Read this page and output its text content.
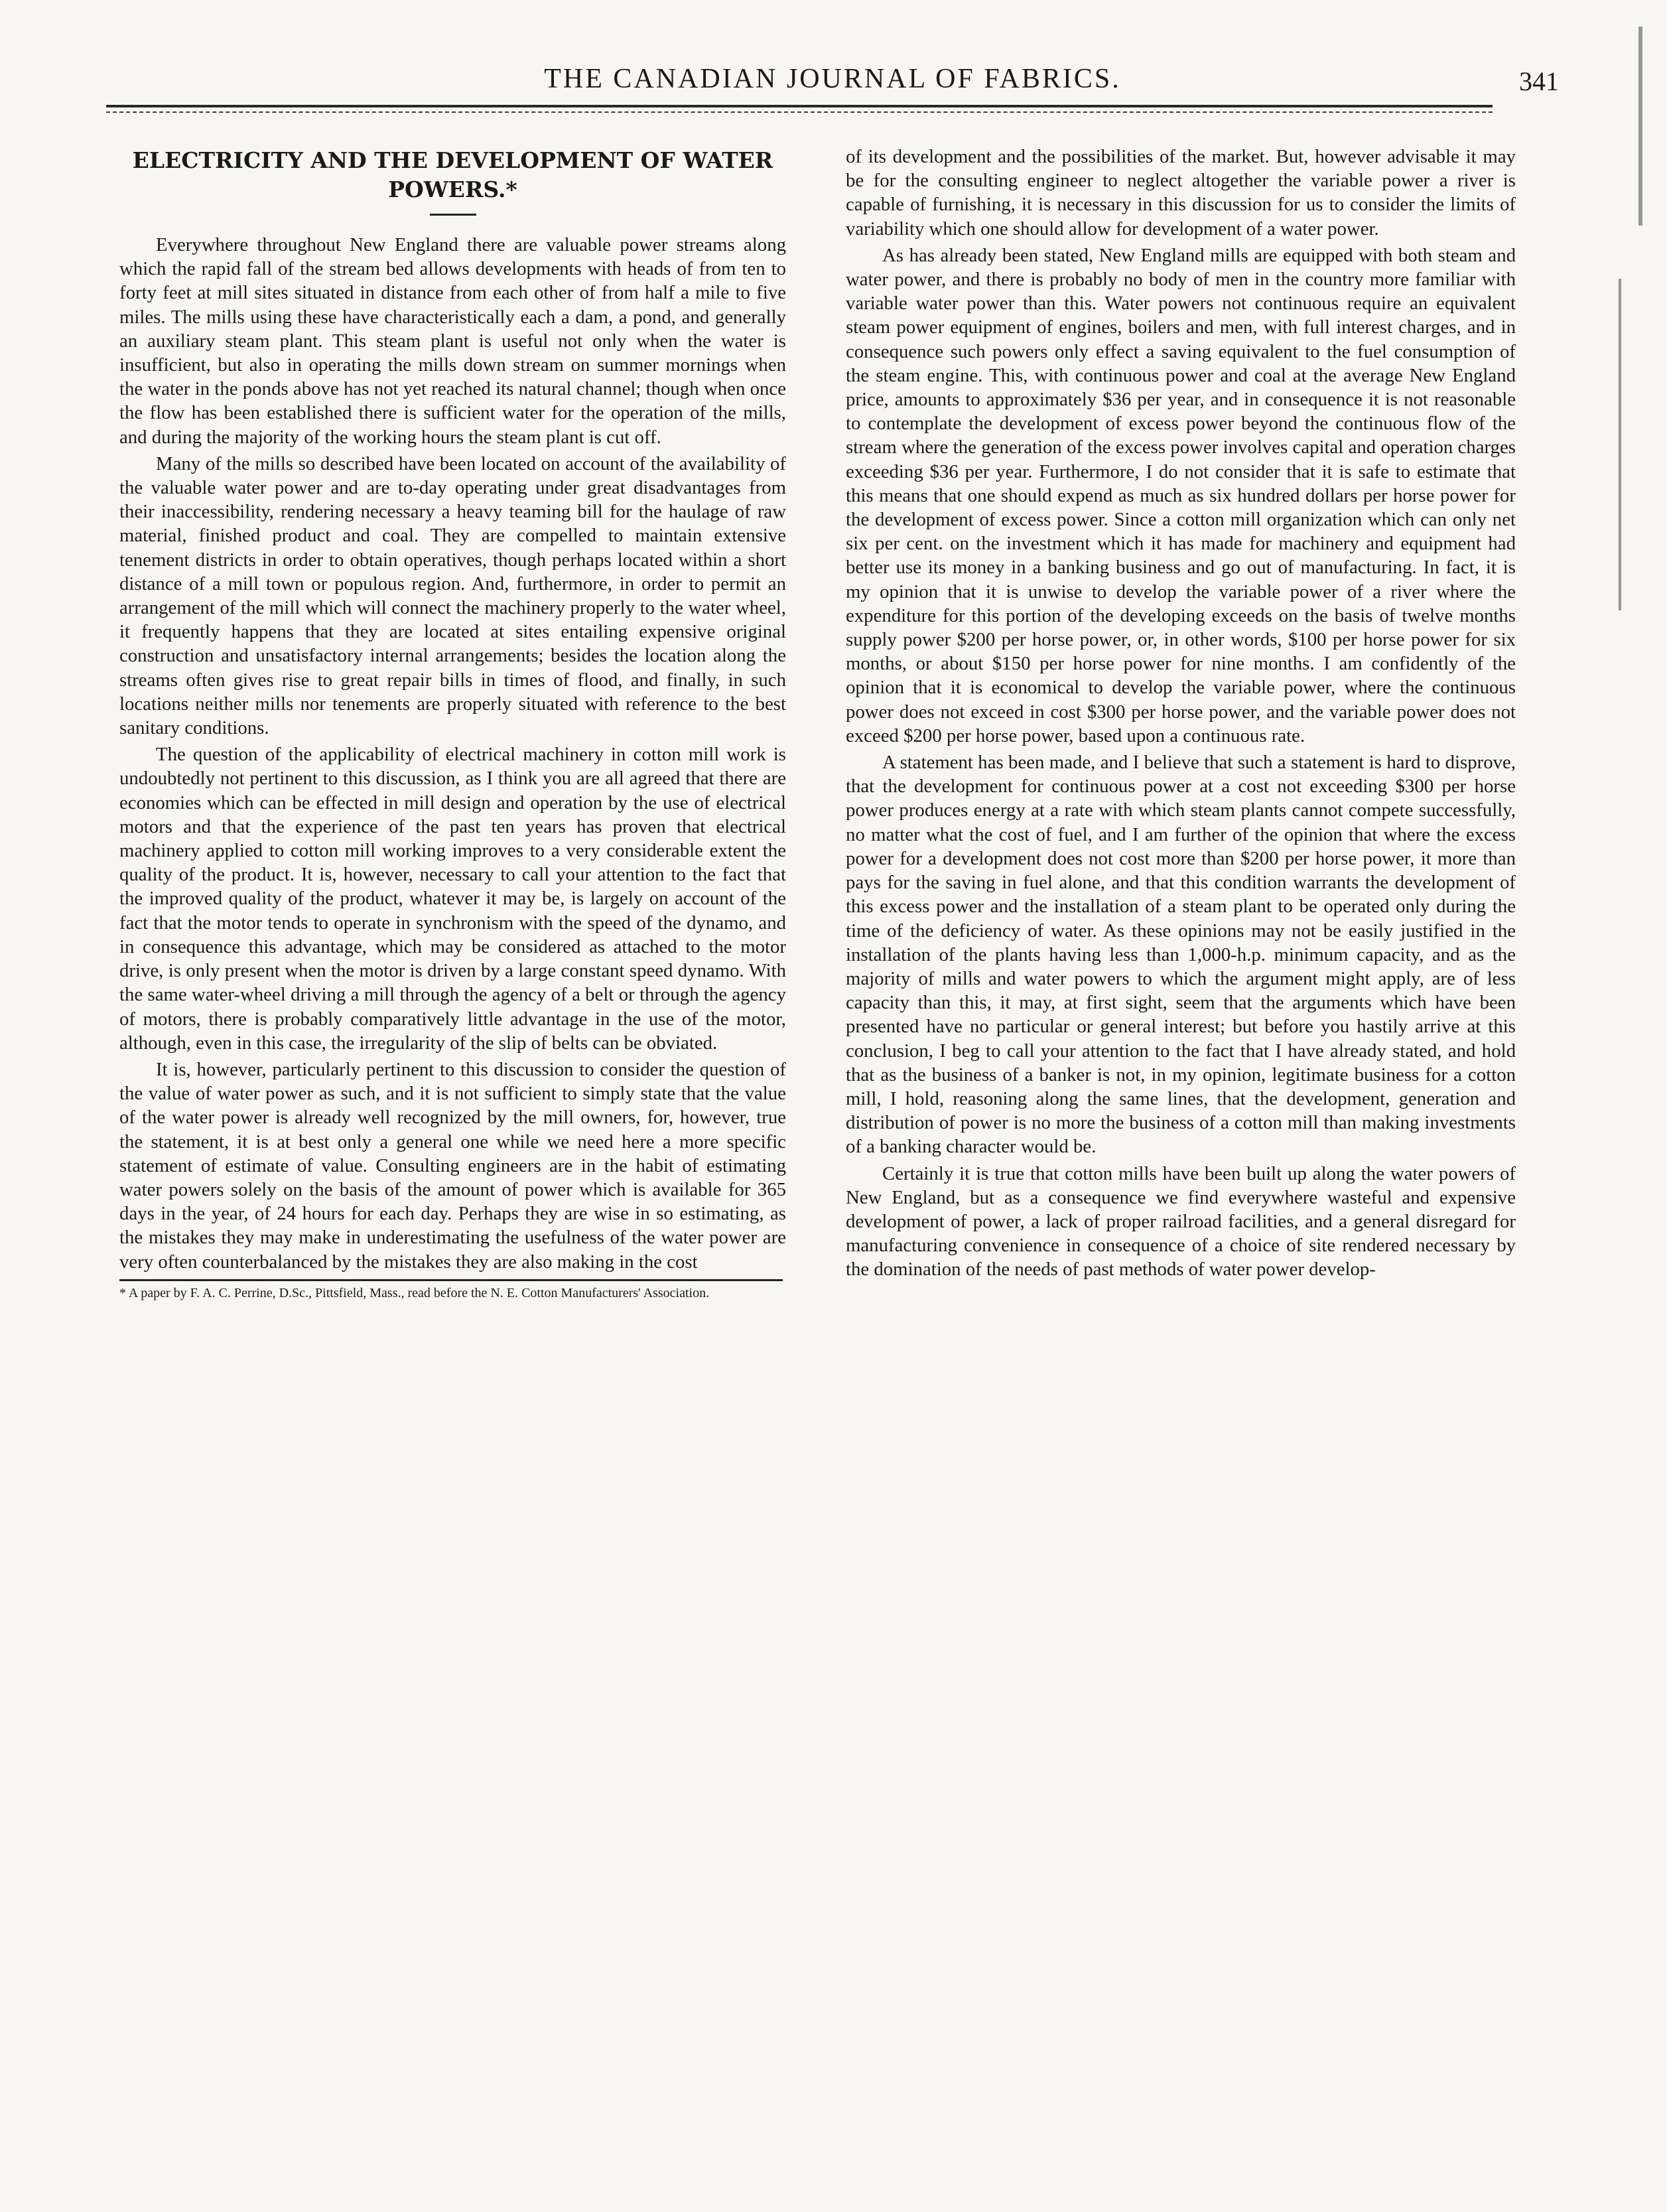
THE CANADIAN JOURNAL OF FABRICS.	341
ELECTRICITY AND THE DEVELOPMENT OF WATER POWERS.*

Everywhere throughout New England there are valuable power streams along which the rapid fall of the stream bed allows developments with heads of from ten to forty feet at mill sites situated in distance from each other of from half a mile to five miles. The mills using these have characteristically each a dam, a pond, and generally an auxiliary steam plant. This steam plant is useful not only when the water is insufficient, but also in operating the mills down stream on summer mornings when the water in the ponds above has not yet reached its natural channel; though when once the flow has been established there is sufficient water for the operation of the mills, and during the majority of the working hours the steam plant is cut off.

Many of the mills so described have been located on account of the availability of the valuable water power and are to-day operating under great disadvantages from their inaccessibility, rendering necessary a heavy teaming bill for the haulage of raw material, finished product and coal. They are compelled to maintain extensive tenement districts in order to obtain operatives, though perhaps located within a short distance of a mill town or populous region. And, furthermore, in order to permit an arrangement of the mill which will connect the machinery properly to the water wheel, it frequently happens that they are located at sites entailing expensive original construction and unsatisfactory internal arrangements; besides the location along the streams often gives rise to great repair bills in times of flood, and finally, in such locations neither mills nor tenements are properly situated with reference to the best sanitary conditions.

The question of the applicability of electrical machinery in cotton mill work is undoubtedly not pertinent to this discussion, as I think you are all agreed that there are economies which can be effected in mill design and operation by the use of electrical motors and that the experience of the past ten years has proven that electrical machinery applied to cotton mill working improves to a very considerable extent the quality of the product. It is, however, necessary to call your attention to the fact that the improved quality of the product, whatever it may be, is largely on account of the fact that the motor tends to operate in synchronism with the speed of the dynamo, and in consequence this advantage, which may be considered as attached to the motor drive, is only present when the motor is driven by a large constant speed dynamo. With the same water-wheel driving a mill through the agency of a belt or through the agency of motors, there is probably comparatively little advantage in the use of the motor, although, even in this case, the irregularity of the slip of belts can be obviated.

It is, however, particularly pertinent to this discussion to consider the question of the value of water power as such, and it is not sufficient to simply state that the value of the water power is already well recognized by the mill owners, for, however, true the statement, it is at best only a general one while we need here a more specific statement of estimate of value. Consulting engineers are in the habit of estimating water powers solely on the basis of the amount of power which is available for 365 days in the year, of 24 hours for each day. Perhaps they are wise in so estimating, as the mistakes they may make in underestimating the usefulness of the water power are very often counterbalanced by the mistakes they are also making in the cost

* A paper by F. A. C. Perrine, D.Sc., Pittsfield, Mass., read before the N. E. Cotton Manufacturers' Association.

of its development and the possibilities of the market. But, however advisable it may be for the consulting engineer to neglect altogether the variable power a river is capable of furnishing, it is necessary in this discussion for us to consider the limits of variability which one should allow for development of a water power.

As has already been stated, New England mills are equipped with both steam and water power, and there is probably no body of men in the country more familiar with variable water power than this. Water powers not continuous require an equivalent steam power equipment of engines, boilers and men, with full interest charges, and in consequence such powers only effect a saving equivalent to the fuel consumption of the steam engine. This, with continuous power and coal at the average New England price, amounts to approximately $36 per year, and in consequence it is not reasonable to contemplate the development of excess power beyond the continuous flow of the stream where the generation of the excess power involves capital and operation charges exceeding $36 per year. Furthermore, I do not consider that it is safe to estimate that this means that one should expend as much as six hundred dollars per horse power for the development of excess power. Since a cotton mill organization which can only net six per cent. on the investment which it has made for machinery and equipment had better use its money in a banking business and go out of manufacturing. In fact, it is my opinion that it is unwise to develop the variable power of a river where the expenditure for this portion of the developing exceeds on the basis of twelve months supply power $200 per horse power, or, in other words, $100 per horse power for six months, or about $150 per horse power for nine months. I am confidently of the opinion that it is economical to develop the variable power, where the continuous power does not exceed in cost $300 per horse power, and the variable power does not exceed $200 per horse power, based upon a continuous rate.

A statement has been made, and I believe that such a statement is hard to disprove, that the development for continuous power at a cost not exceeding $300 per horse power produces energy at a rate with which steam plants cannot compete successfully, no matter what the cost of fuel, and I am further of the opinion that where the excess power for a development does not cost more than $200 per horse power, it more than pays for the saving in fuel alone, and that this condition warrants the development of this excess power and the installation of a steam plant to be operated only during the time of the deficiency of water. As these opinions may not be easily justified in the installation of the plants having less than 1,000-h.p. minimum capacity, and as the majority of mills and water powers to which the argument might apply, are of less capacity than this, it may, at first sight, seem that the arguments which have been presented have no particular or general interest; but before you hastily arrive at this conclusion, I beg to call your attention to the fact that I have already stated, and hold that as the business of a banker is not, in my opinion, legitimate business for a cotton mill, I hold, reasoning along the same lines, that the development, generation and distribution of power is no more the business of a cotton mill than making investments of a banking character would be.

Certainly it is true that cotton mills have been built up along the water powers of New England, but as a consequence we find everywhere wasteful and expensive development of power, a lack of proper railroad facilities, and a general disregard for manufacturing convenience in consequence of a choice of site rendered necessary by the domination of the needs of past methods of water power develop-
